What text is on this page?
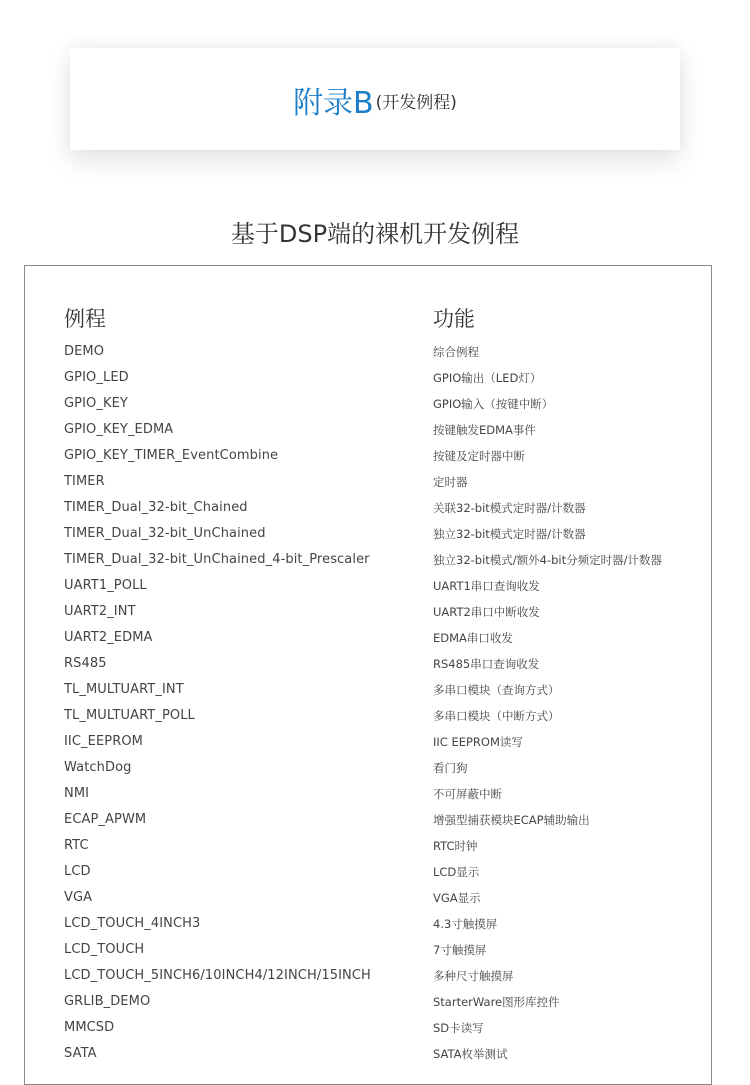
附录B (开发例程)
基于DSP端的裸机开发例程
例程	功能
DEMO	综合例程
GPIO_LED	GPIO输出（LED灯）
GPIO_KEY	GPIO输入（按键中断）
GPIO_KEY_EDMA	按键触发EDMA事件
GPIO_KEY_TIMER_EventCombine	按键及定时器中断
TIMER	定时器
TIMER_Dual_32-bit_Chained	关联32-bit模式定时器/计数器
TIMER_Dual_32-bit_UnChained	独立32-bit模式定时器/计数器
TIMER_Dual_32-bit_UnChained_4-bit_Prescaler	独立32-bit模式/额外4-bit分频定时器/计数器
UART1_POLL	UART1串口查询收发
UART2_INT	UART2串口中断收发
UART2_EDMA	EDMA串口收发
RS485	RS485串口查询收发
TL_MULTUART_INT	多串口模块（查询方式）
TL_MULTUART_POLL	多串口模块（中断方式）
IIC_EEPROM	IIC EEPROM读写
WatchDog	看门狗
NMI	不可屏蔽中断
ECAP_APWM	增强型捕获模块ECAP辅助输出
RTC	RTC时钟
LCD	LCD显示
VGA	VGA显示
LCD_TOUCH_4INCH3	4.3寸触摸屏
LCD_TOUCH	7寸触摸屏
LCD_TOUCH_5INCH6/10INCH4/12INCH/15INCH	多种尺寸触摸屏
GRLIB_DEMO	StarterWare图形库控件
MMCSD	SD卡读写
SATA	SATA枚举测试
